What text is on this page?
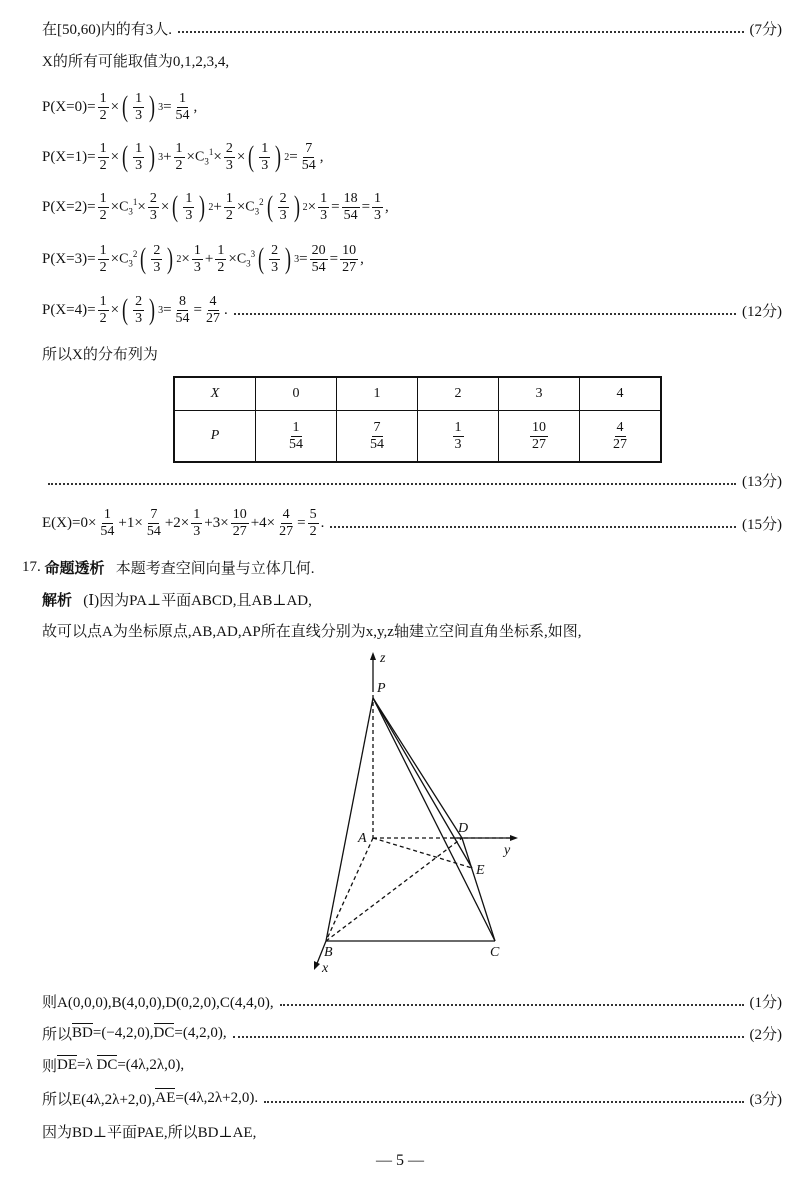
在[50,60)内的有3人.	(7分)
X的所有可能取值为0,1,2,3,4,
$P(X=0)= \frac{1}{2}$ × ( $\frac{1}{3}$ ) $3 = \frac{1}{54}$ ,
$P(X=1)= \frac{1}{2}$ × ( $\frac{1}{3}$ ) $3 + \frac{1}{2} \times C_3^1 \times \frac{2}{3}$ × ( $\frac{1}{3}$ ) $2 = \frac{7}{54}$ ,
$P(X=2)= \frac{1}{2} \times C_3^1 \times \frac{2}{3}$ × ( $\frac{1}{3}$ ) $2 + \frac{1}{2} \times C_3^2$ ( $\frac{2}{3}$ ) $2 \times \frac{1}{3} = \frac{18}{54} = \frac{1}{3}$ ,
$P(X=3)= \frac{1}{2} \times C_3^2$ ( $\frac{2}{3}$ ) $2 \times \frac{1}{3} + \frac{1}{2} \times C_3^3$ ( $\frac{2}{3}$ ) $3 = \frac{20}{54} = \frac{10}{27}$ ,
$P(X=4)= \frac{1}{2}$ × ( $\frac{2}{3}$ ) $3 = \frac{8}{54} = \frac{4}{27}$ .	(12分)
所以X的分布列为
X	0	1	2	3	4
P	$\frac{1}{54}$	$\frac{7}{54}$	$\frac{1}{3}$	$\frac{10}{27}$	$\frac{4}{27}$
(13分)
$E(X)= 0\times \frac{1}{54} +1\times \frac{7}{54} +2\times \frac{1}{3} +3\times \frac{10}{27} +4\times \frac{4}{27} = \frac{5}{2}$ .	(15分)
17.
命题透析
本题考查空间向量与立体几何.
解析
(Ⅰ)因为PA⊥平面ABCD,且AB⊥AD,
故可以点A为坐标原点,AB,AD,AP所在直线分别为x,y,z轴建立空间直角坐标系,如图,
z
P
A
D
y
E
B	C
x
则A(0,0,0),B(4,0,0),D(0,2,0),C(4,4,0),	(1分)
所以 BD =(−4,2,0), DC =(4,2,0),	(2分)
则 DE =λ
DC =(4λ,2λ,0),
所以E(4λ,2λ+2,0), AE =(4λ,2λ+2,0).	(3分)
因为BD⊥平面PAE,所以BD⊥AE,
— 5 —
